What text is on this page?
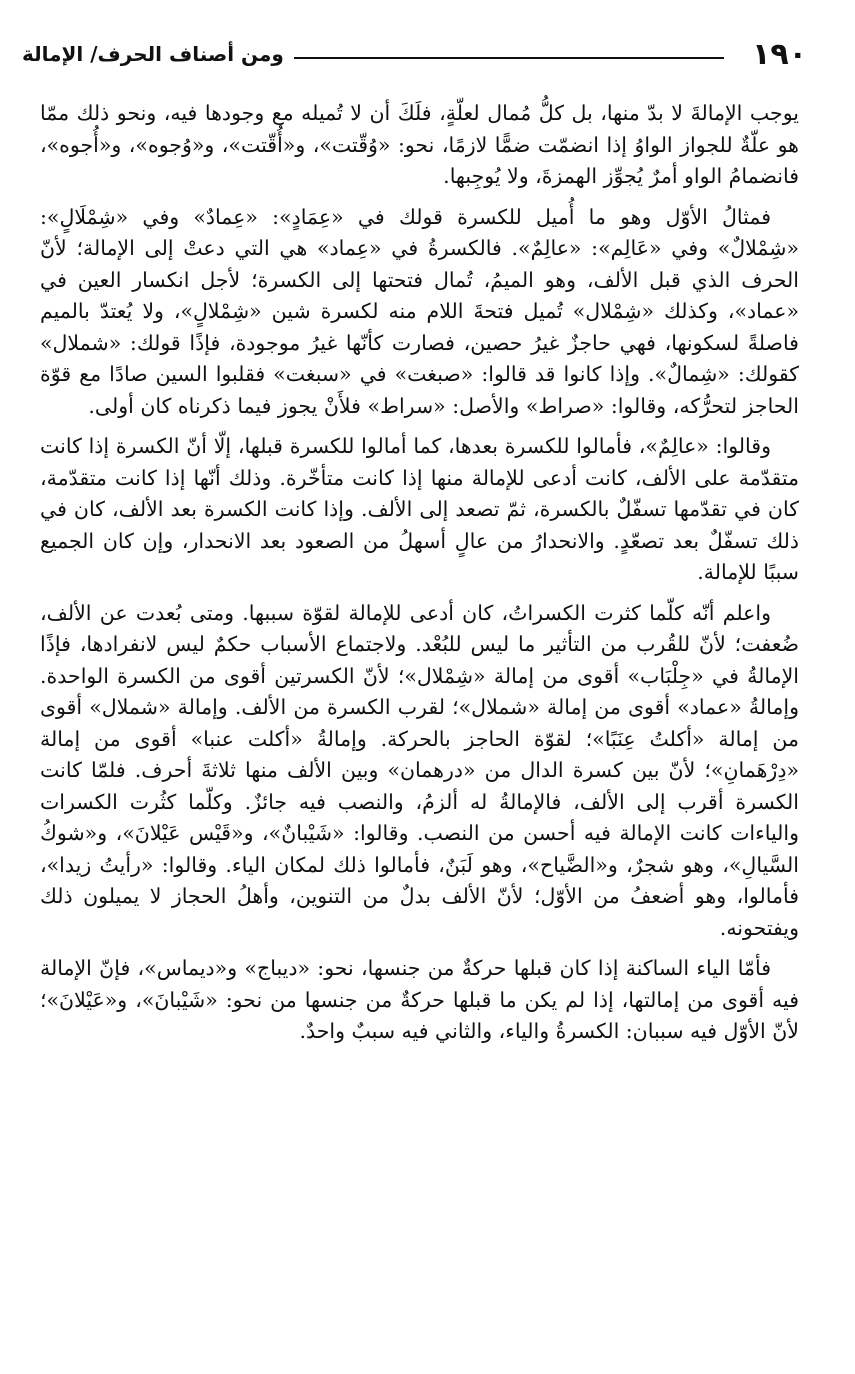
١٩٠
ومن أصناف الحرف/ الإمالة

يوجب الإمالةَ لا بدّ منها، بل كلُّ مُمال لعلّةٍ، فلَكَ أن لا تُميله مع وجودها فيه، ونحو ذلك ممّا هو علّةٌ للجواز الواوُ إذا انضمّت ضمًّا لازمًا، نحو: «وُقّتت»، و«أُقّتت»، و«وُجوه»، و«أُجوه»، فانضمامُ الواو أمرٌ يُجوِّز الهمزةَ، ولا يُوجِبها.

فمثالُ الأوّل وهو ما أُميل للكسرة قولك في «عِمَادٍ»: «عِمادٌ» وفي «شِمْلَالٍ»: «شِمْلالٌ» وفي «عَالِم»: «عالِمٌ». فالكسرةُ في «عِماد» هي التي دعتْ إلى الإمالة؛ لأنّ الحرف الذي قبل الألف، وهو الميمُ، تُمال فتحتها إلى الكسرة؛ لأجل انكسار العين في «عماد»، وكذلك «شِمْلال» تُميل فتحةَ اللام منه لكسرة شين «شِمْلالٍ»، ولا يُعتدّ بالميم فاصلةً لسكونها، فهي حاجزٌ غيرُ حصين، فصارت كأنّها غيرُ موجودة، فإذًا قولك: «شملال» كقولك: «شِمالٌ». وإذا كانوا قد قالوا: «صبغت» في «سبغت» فقلبوا السين صادًا مع قوّة الحاجز لتحرُّكه، وقالوا: «صراط» والأصل: «سراط» فلأَنْ يجوز فيما ذكرناه كان أولى.

وقالوا: «عالِمٌ»، فأمالوا للكسرة بعدها، كما أمالوا للكسرة قبلها، إلّا أنّ الكسرة إذا كانت متقدّمة على الألف، كانت أدعى للإمالة منها إذا كانت متأخّرة. وذلك أنّها إذا كانت متقدّمة، كان في تقدّمها تسفّلٌ بالكسرة، ثمّ تصعد إلى الألف. وإذا كانت الكسرة بعد الألف، كان في ذلك تسفّلٌ بعد تصعّدٍ. والانحدارُ من عالٍ أسهلُ من الصعود بعد الانحدار، وإن كان الجميع سببًا للإمالة.

واعلم أنّه كلّما كثرت الكسراتُ، كان أدعى للإمالة لقوّة سببها. ومتى بُعدت عن الألف، ضُعفت؛ لأنّ للقُرب من التأثير ما ليس للبُعْد. ولاجتماع الأسباب حكمٌ ليس لانفرادها، فإذًا الإمالةُ في «جِلْبَاب» أقوى من إمالة «شِمْلال»؛ لأنّ الكسرتين أقوى من الكسرة الواحدة. وإمالةُ «عماد» أقوى من إمالة «شملال»؛ لقرب الكسرة من الألف. وإمالة «شملال» أقوى من إمالة «أكلتُ عِنَبًا»؛ لقوّة الحاجز بالحركة. وإمالةُ «أكلت عنبا» أقوى من إمالة «دِرْهَمانِ»؛ لأنّ بين كسرة الدال من «درهمان» وبين الألف منها ثلاثةَ أحرف. فلمّا كانت الكسرة أقرب إلى الألف، فالإمالةُ له ألزمُ، والنصب فيه جائزٌ. وكلّما كثُرت الكسرات والياءات كانت الإمالة فيه أحسن من النصب. وقالوا: «شَيْبانٌ»، و«قَيْس عَيْلانَ»، و«شوكُ السَّيالِ»، وهو شجرٌ، و«الضَّياح»، وهو لَبَنٌ، فأمالوا ذلك لمكان الياء. وقالوا: «رأيتُ زيدا»، فأمالوا، وهو أضعفُ من الأوّل؛ لأنّ الألف بدلٌ من التنوين، وأهلُ الحجاز لا يميلون ذلك ويفتحونه.

فأمّا الياء الساكنة إذا كان قبلها حركةٌ من جنسها، نحو: «ديباج» و«ديماس»، فإنّ الإمالة فيه أقوى من إمالتها، إذا لم يكن ما قبلها حركةٌ من جنسها من نحو: «شَيْبانَ»، و«عَيْلانَ»؛ لأنّ الأوّل فيه سببان: الكسرةُ والياء، والثاني فيه سببٌ واحدٌ.
